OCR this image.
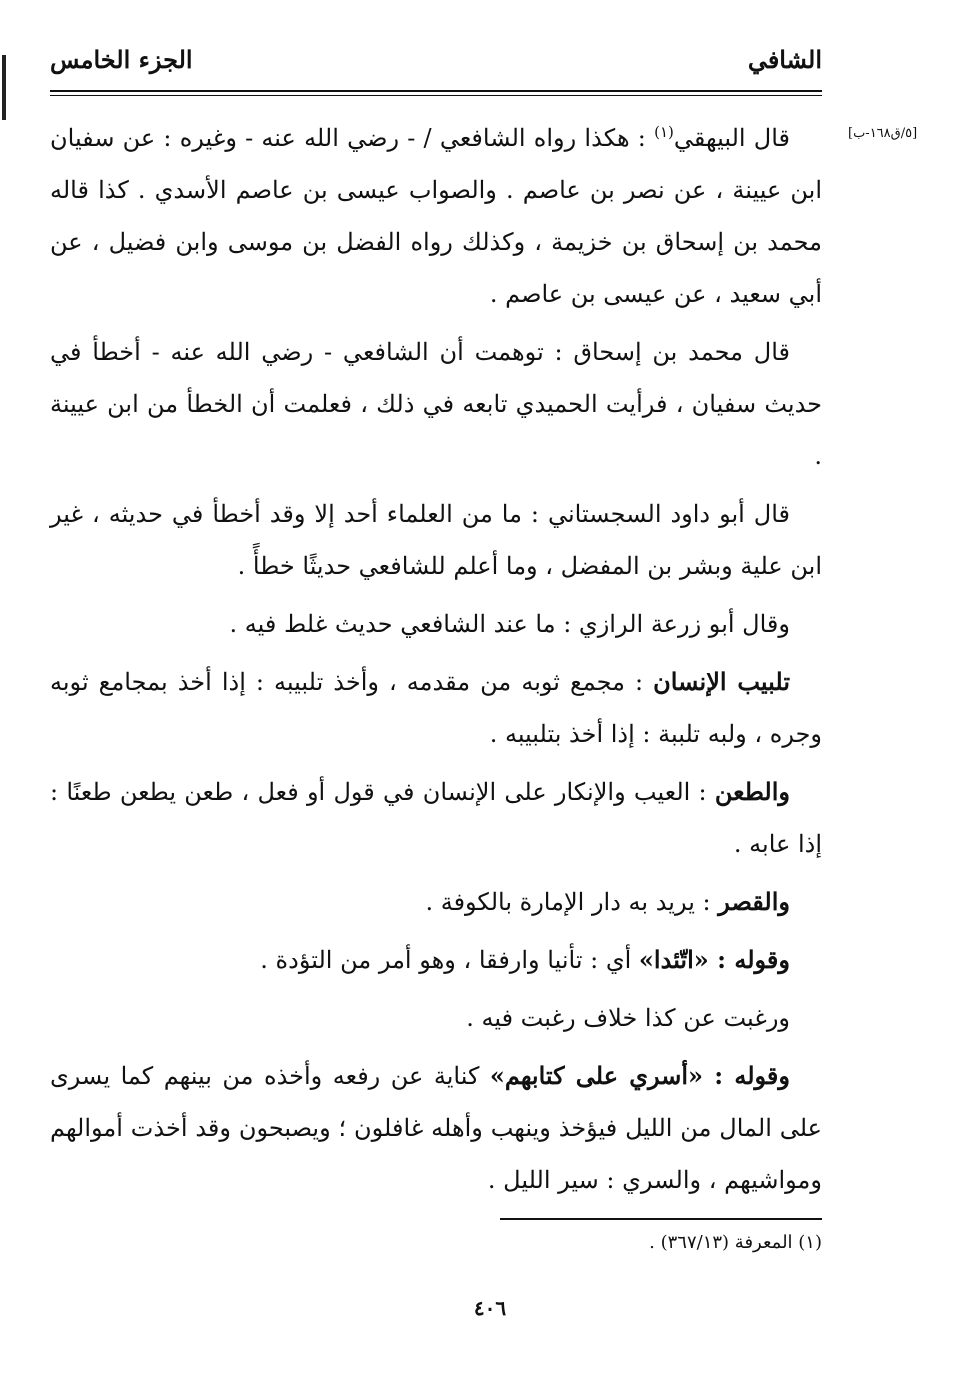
الشافي
الجزء الخامس
[٥/ق١٦٨-ب]

قال البيهقي$^{(١)}$ : هكذا رواه الشافعي / - رضي الله عنه - وغيره : عن سفيان ابن عيينة ، عن نصر بن عاصم . والصواب عيسى بن عاصم الأسدي . كذا قاله محمد بن إسحاق بن خزيمة ، وكذلك رواه الفضل بن موسى وابن فضيل ، عن أبي سعيد ، عن عيسى بن عاصم .

قال محمد بن إسحاق : توهمت أن الشافعي - رضي الله عنه - أخطأ في حديث سفيان ، فرأيت الحميدي تابعه في ذلك ، فعلمت أن الخطأ من ابن عيينة .

قال أبو داود السجستاني : ما من العلماء أحد إلا وقد أخطأ في حديثه ، غير ابن علية وبشر بن المفضل ، وما أعلم للشافعي حديثًا خطأً .

وقال أبو زرعة الرازي : ما عند الشافعي حديث غلط فيه .

تلبيب الإنسان : مجمع ثوبه من مقدمه ، وأخذ تلبيبه : إذا أخذ بمجامع ثوبه وجره ، ولبه تلببة : إذا أخذ بتلبيبه .

والطعن : العيب والإنكار على الإنسان في قول أو فعل ، طعن يطعن طعنًا : إذا عابه .

والقصر : يريد به دار الإمارة بالكوفة .

وقوله : «اتّئدا» أي : تأنيا وارفقا ، وهو أمر من التؤدة .

ورغبت عن كذا خلاف رغبت فيه .

وقوله : «أسري على كتابهم» كناية عن رفعه وأخذه من بينهم كما يسرى على المال من الليل فيؤخذ وينهب وأهله غافلون ؛ ويصبحون وقد أخذت أموالهم ومواشيهم ، والسري : سير الليل .

(١) المعرفة (٣٦٧/١٣) .
٤٠٦
